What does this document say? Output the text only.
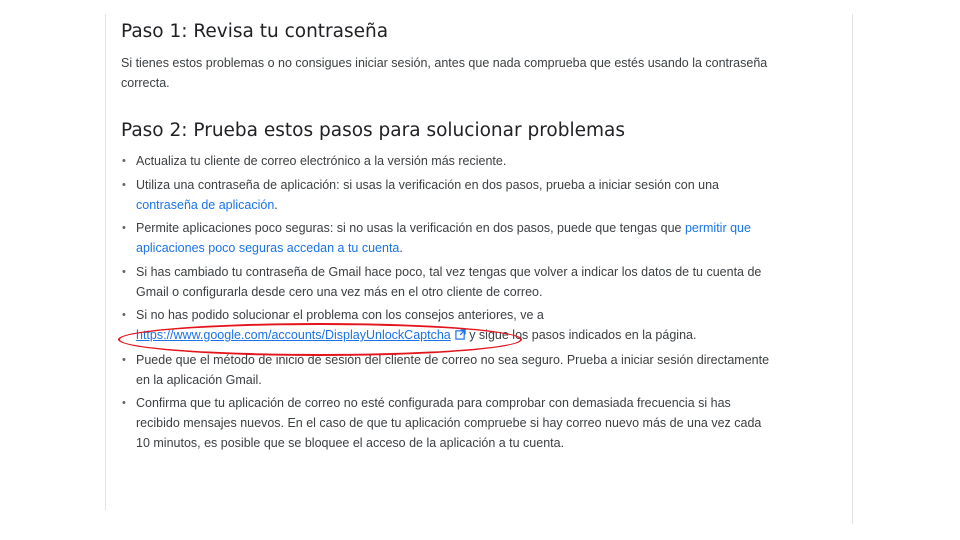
Paso 1: Revisa tu contraseña

Si tienes estos problemas o no consigues iniciar sesión, antes que nada comprueba que estés usando la contraseña correcta.

Paso 2: Prueba estos pasos para solucionar problemas
• Actualiza tu cliente de correo electrónico a la versión más reciente.
• Utiliza una contraseña de aplicación: si usas la verificación en dos pasos, prueba a iniciar sesión con una contraseña de aplicación.
• Permite aplicaciones poco seguras: si no usas la verificación en dos pasos, puede que tengas que permitir que aplicaciones poco seguras accedan a tu cuenta.
• Si has cambiado tu contraseña de Gmail hace poco, tal vez tengas que volver a indicar los datos de tu cuenta de Gmail o configurarla desde cero una vez más en el otro cliente de correo.
• Si no has podido solucionar el problema con los consejos anteriores, ve a https://www.google.com/accounts/DisplayUnlockCaptcha y sigue los pasos indicados en la página.
• Puede que el método de inicio de sesión del cliente de correo no sea seguro. Prueba a iniciar sesión directamente en la aplicación Gmail.
• Confirma que tu aplicación de correo no esté configurada para comprobar con demasiada frecuencia si has recibido mensajes nuevos. En el caso de que tu aplicación compruebe si hay correo nuevo más de una vez cada 10 minutos, es posible que se bloquee el acceso de la aplicación a tu cuenta.
